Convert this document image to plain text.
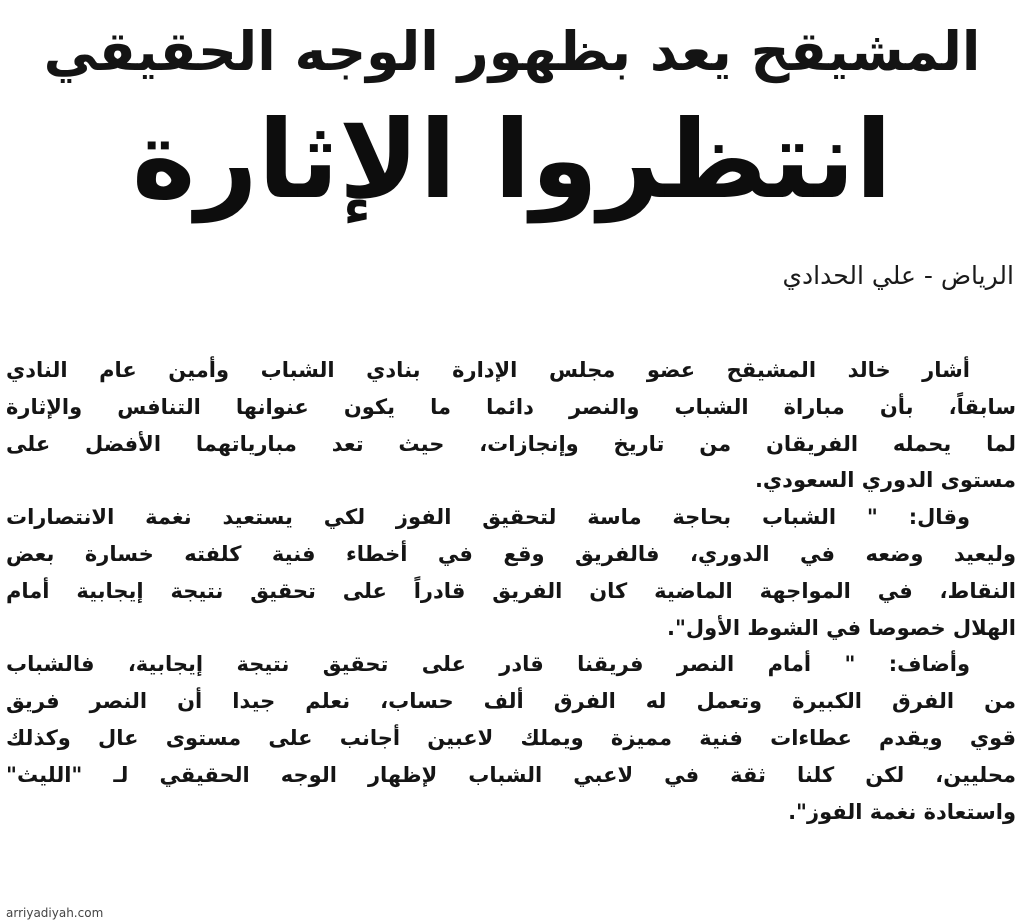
المشيقح يعد بظهور الوجه الحقيقي
انتظروا الإثارة
الرياض - علي الحدادي
أشار خالد المشيقح عضو مجلس الإدارة بنادي الشباب وأمين عام النادي
سابقاً، بأن مباراة الشباب والنصر دائما ما يكون عنوانها التنافس والإثارة
لما يحمله الفريقان من تاريخ وإنجازات، حيث تعد مبارياتهما الأفضل على
مستوى الدوري السعودي.
وقال: " الشباب بحاجة ماسة لتحقيق الفوز لكي يستعيد نغمة الانتصارات
وليعيد وضعه في الدوري، فالفريق وقع في أخطاء فنية كلفته خسارة بعض
النقاط، في المواجهة الماضية كان الفريق قادراً على تحقيق نتيجة إيجابية أمام
الهلال خصوصا في الشوط الأول".
وأضاف: " أمام النصر فريقنا قادر على تحقيق نتيجة إيجابية، فالشباب
من الفرق الكبيرة وتعمل له الفرق ألف حساب، نعلم جيدا أن النصر فريق
قوي ويقدم عطاءات فنية مميزة ويملك لاعبين أجانب على مستوى عال وكذلك
محليين، لكن كلنا ثقة في لاعبي الشباب لإظهار الوجه الحقيقي لـ "الليث"
واستعادة نغمة الفوز".
arriyadiyah.com
